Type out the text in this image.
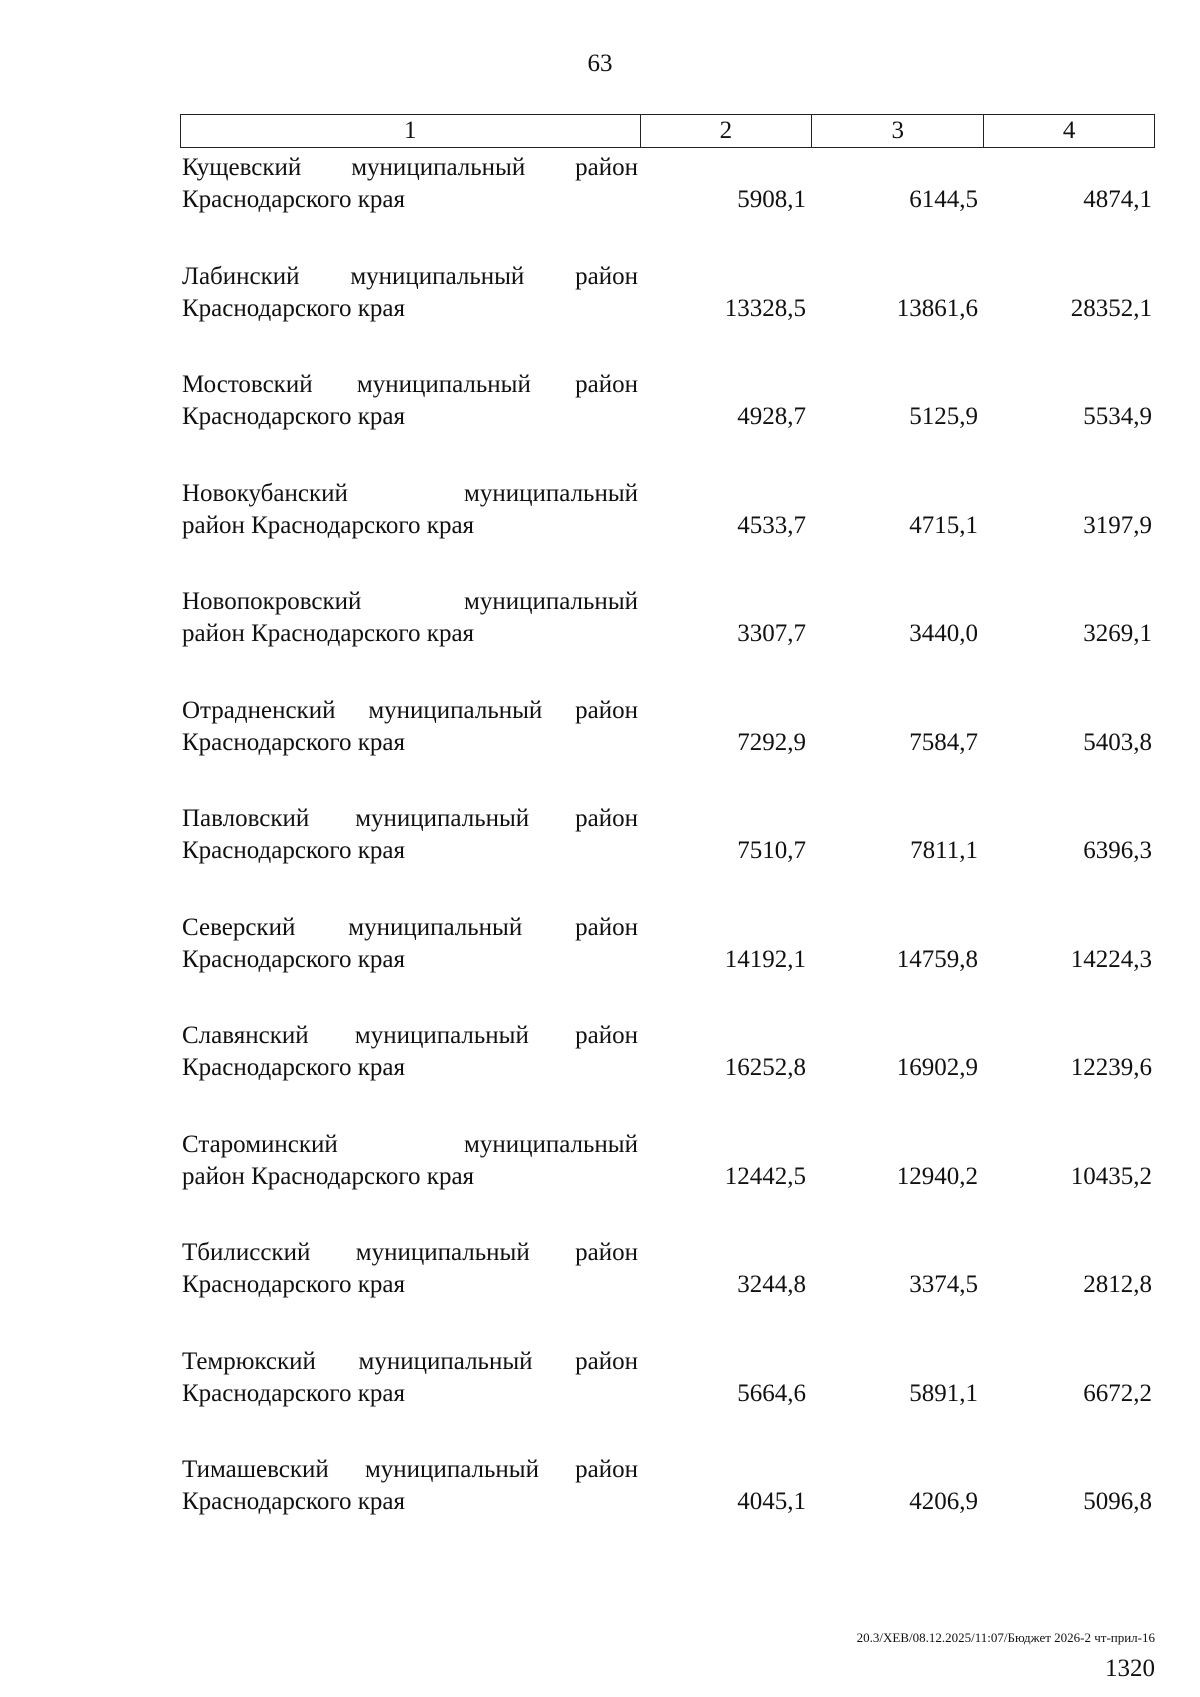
63
1	2	3	4
Кущевский муниципальный район
Краснодарского края	5908,1	6144,5	4874,1
Лабинский муниципальный район
Краснодарского края	13328,5	13861,6	28352,1
Мостовский муниципальный район
Краснодарского края	4928,7	5125,9	5534,9
Новокубанский муниципальный
район Краснодарского края	4533,7	4715,1	3197,9
Новопокровский муниципальный
район Краснодарского края	3307,7	3440,0	3269,1
Отрадненский муниципальный район
Краснодарского края	7292,9	7584,7	5403,8
Павловский муниципальный район
Краснодарского края	7510,7	7811,1	6396,3
Северский муниципальный район
Краснодарского края	14192,1	14759,8	14224,3
Славянский муниципальный район
Краснодарского края	16252,8	16902,9	12239,6
Староминский муниципальный
район Краснодарского края	12442,5	12940,2	10435,2
Тбилисский муниципальный район
Краснодарского края	3244,8	3374,5	2812,8
Темрюкский муниципальный район
Краснодарского края	5664,6	5891,1	6672,2
Тимашевский муниципальный район
Краснодарского края	4045,1	4206,9	5096,8
20.3/ХЕВ/08.12.2025/11:07/Бюджет 2026-2 чт-прил-16
1320
